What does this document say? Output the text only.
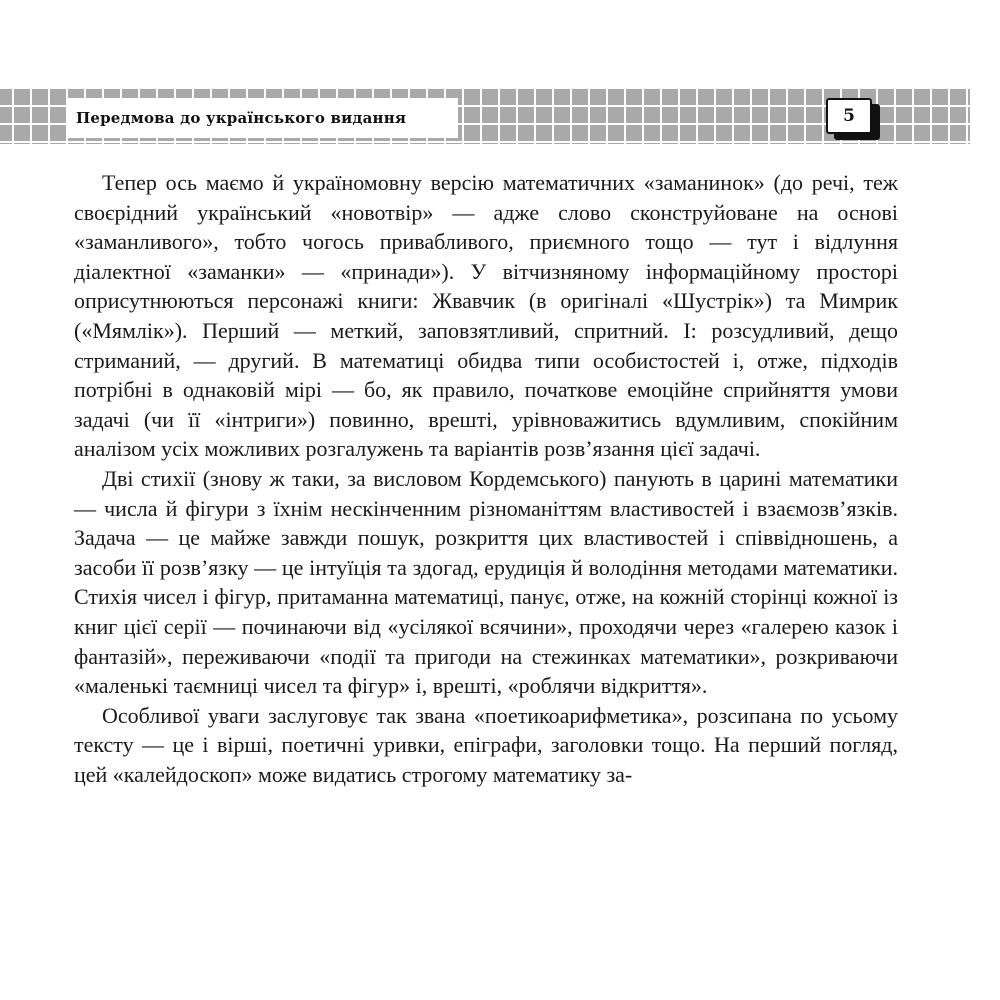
Передмова до українського видання	5

Тепер ось маємо й україномовну версію математичних «заманинок» (до речі, теж своєрідний український «новотвір» — адже слово сконструйоване на основі «заманливого», тобто чогось привабливого, приємного тощо — тут і відлуння діалектної «заманки» — «принади»). У вітчизняному інформаційному просторі оприсутнюються персонажі книги: Жвавчик (в оригіналі «Шустрік») та Мимрик («Мямлік»). Перший — меткий, заповзятливий, спритний. І: розсудливий, дещо стриманий, — другий. В математиці обидва типи особистостей і, отже, підходів потрібні в однаковій мірі — бо, як правило, початкове емоційне сприйняття умови задачі (чи її «інтриги») повинно, врешті, урівноважитись вдумливим, спокійним аналізом усіх можливих розгалужень та варіантів розв’язання цієї задачі.

Дві стихії (знову ж таки, за висловом Кордемського) панують в царині математики — числа й фігури з їхнім нескінченним різноманіттям властивостей і взаємозв’язків. Задача — це майже завжди пошук, розкриття цих властивостей і співвідношень, а засоби її розв’язку — це інтуїція та здогад, ерудиція й володіння методами математики. Стихія чисел і фігур, притаманна математиці, панує, отже, на кожній сторінці кожної із книг цієї серії — починаючи від «усілякої всячини», проходячи через «галерею казок і фантазій», переживаючи «події та пригоди на стежинках математики», розкриваючи «маленькі таємниці чисел та фігур» і, врешті, «роблячи відкриття».

Особливої уваги заслуговує так звана «поетикоарифметика», розсипана по усьому тексту — це і вірші, поетичні уривки, епіграфи, заголовки тощо. На перший погляд, цей «калейдоскоп» може видатись строгому математику за-
